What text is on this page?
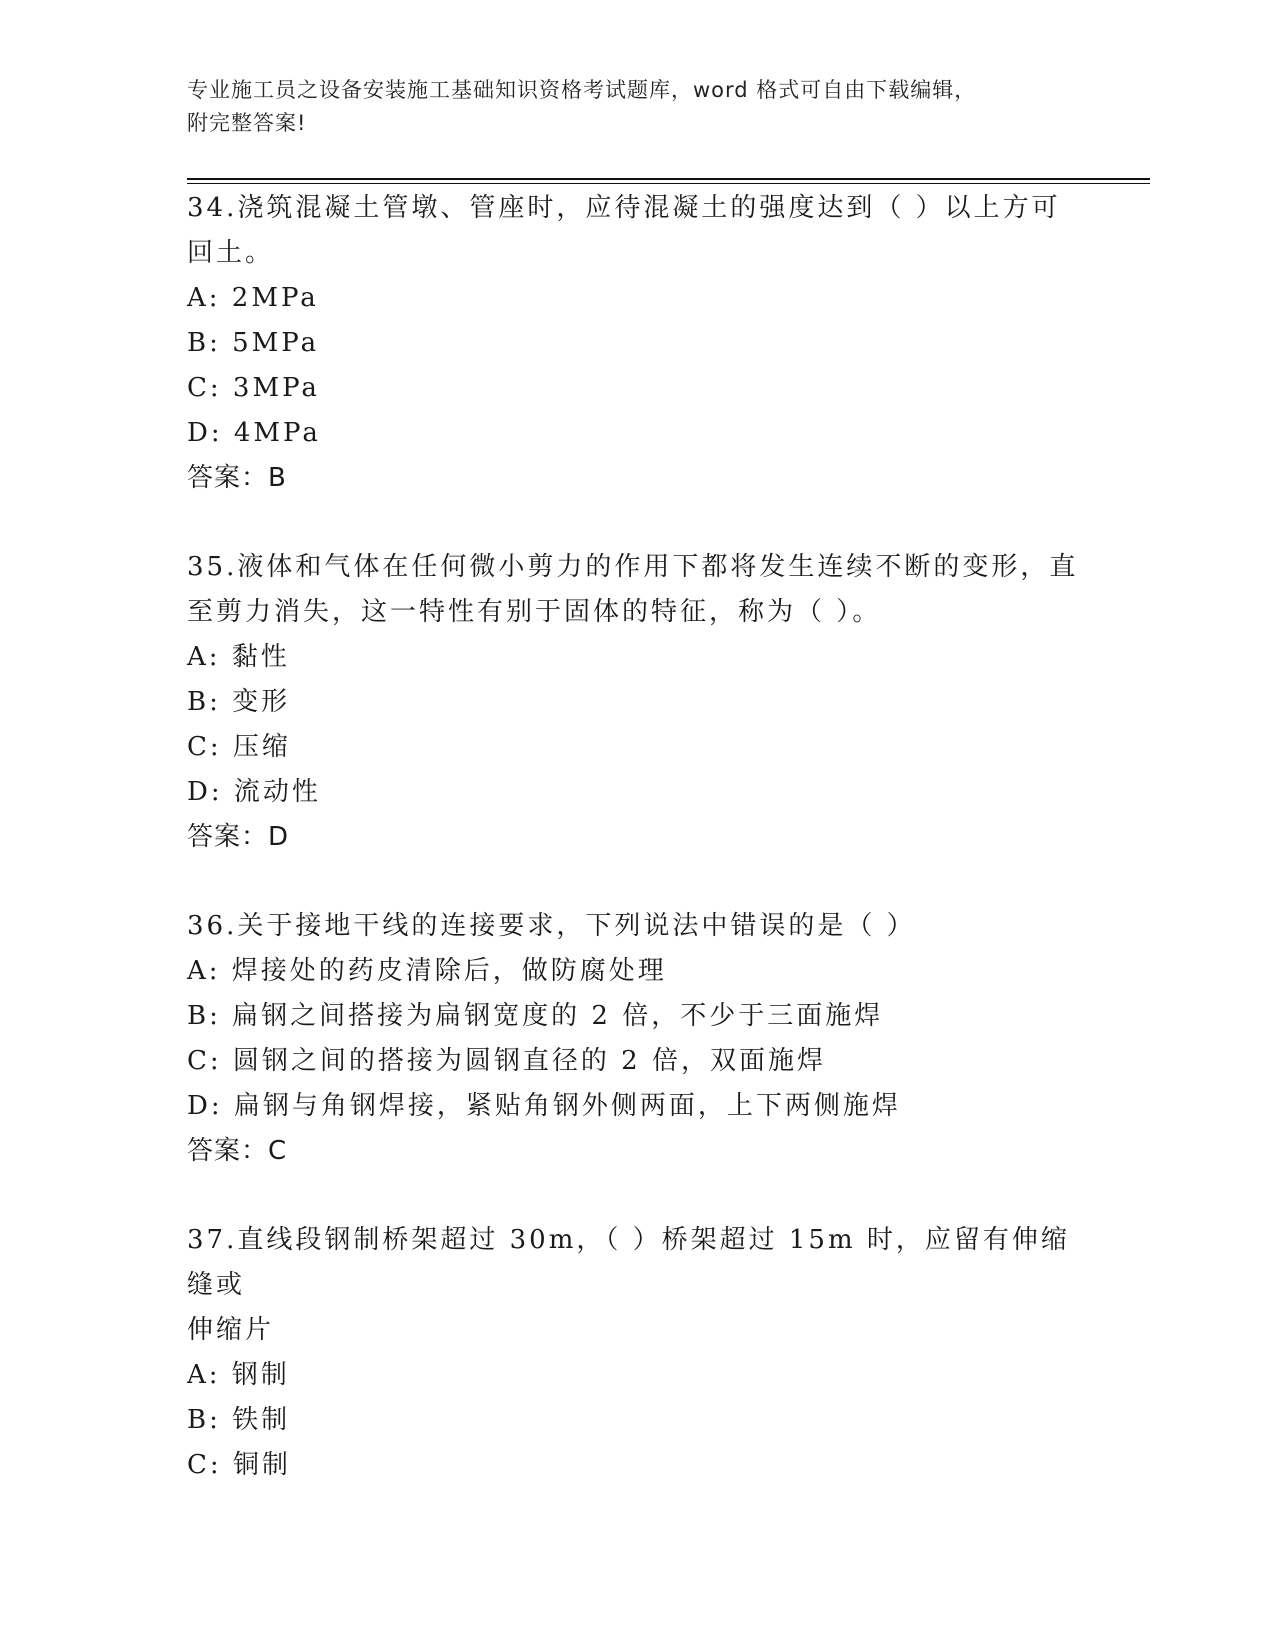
专业施工员之设备安装施工基础知识资格考试题库，word 格式可自由下载编辑，
附完整答案!

34.浇筑混凝土管墩、管座时，应待混凝土的强度达到（ ）以上方可

回土。

A: 2MPa

B: 5MPa

C: 3MPa

D: 4MPa

答案：B

35.液体和气体在任何微小剪力的作用下都将发生连续不断的变形，直

至剪力消失，这一特性有别于固体的特征，称为（ ）。

A: 黏性

B: 变形

C: 压缩

D: 流动性

答案：D

36.关于接地干线的连接要求，下列说法中错误的是（ ）

A: 焊接处的药皮清除后，做防腐处理

B: 扁钢之间搭接为扁钢宽度的 2 倍，不少于三面施焊

C: 圆钢之间的搭接为圆钢直径的 2 倍，双面施焊

D: 扁钢与角钢焊接，紧贴角钢外侧两面，上下两侧施焊

答案：C

37.直线段钢制桥架超过 30m，（ ）桥架超过 15m 时，应留有伸缩缝或

伸缩片

A: 钢制

B: 铁制

C: 铜制
